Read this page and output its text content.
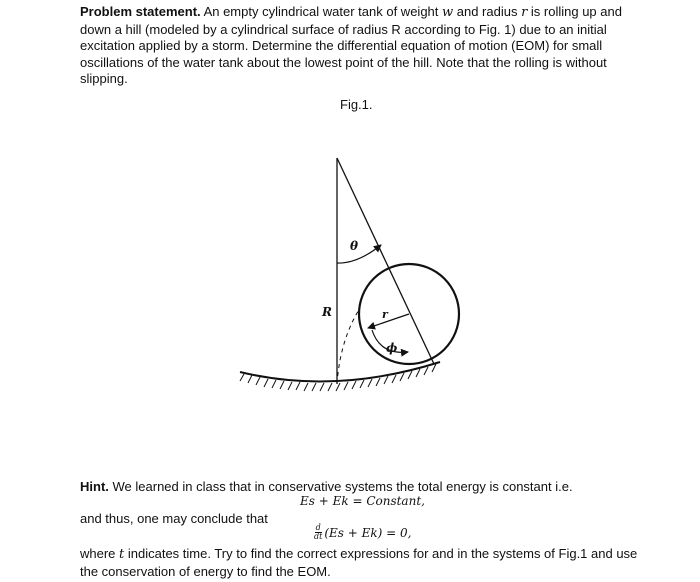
Problem statement. An empty cylindrical water tank of weight w and radius r is rolling up and down a hill (modeled by a cylindrical surface of radius R according to Fig. 1) due to an initial excitation applied by a storm. Determine the differential equation of motion (EOM) for small oscillations of the water tank about the lowest point of the hill. Note that the rolling is without slipping.
Fig.1.
θ
R	r
ϕ
Hint. We learned in class that in conservative systems the total energy is constant i.e.
Es + Ek = Constant,
and thus, one may conclude that
$\frac{d}{dt} (Es + Ek) = 0$,
where t indicates time. Try to find the correct expressions for and in the systems of Fig.1 and use the conservation of energy to find the EOM.
